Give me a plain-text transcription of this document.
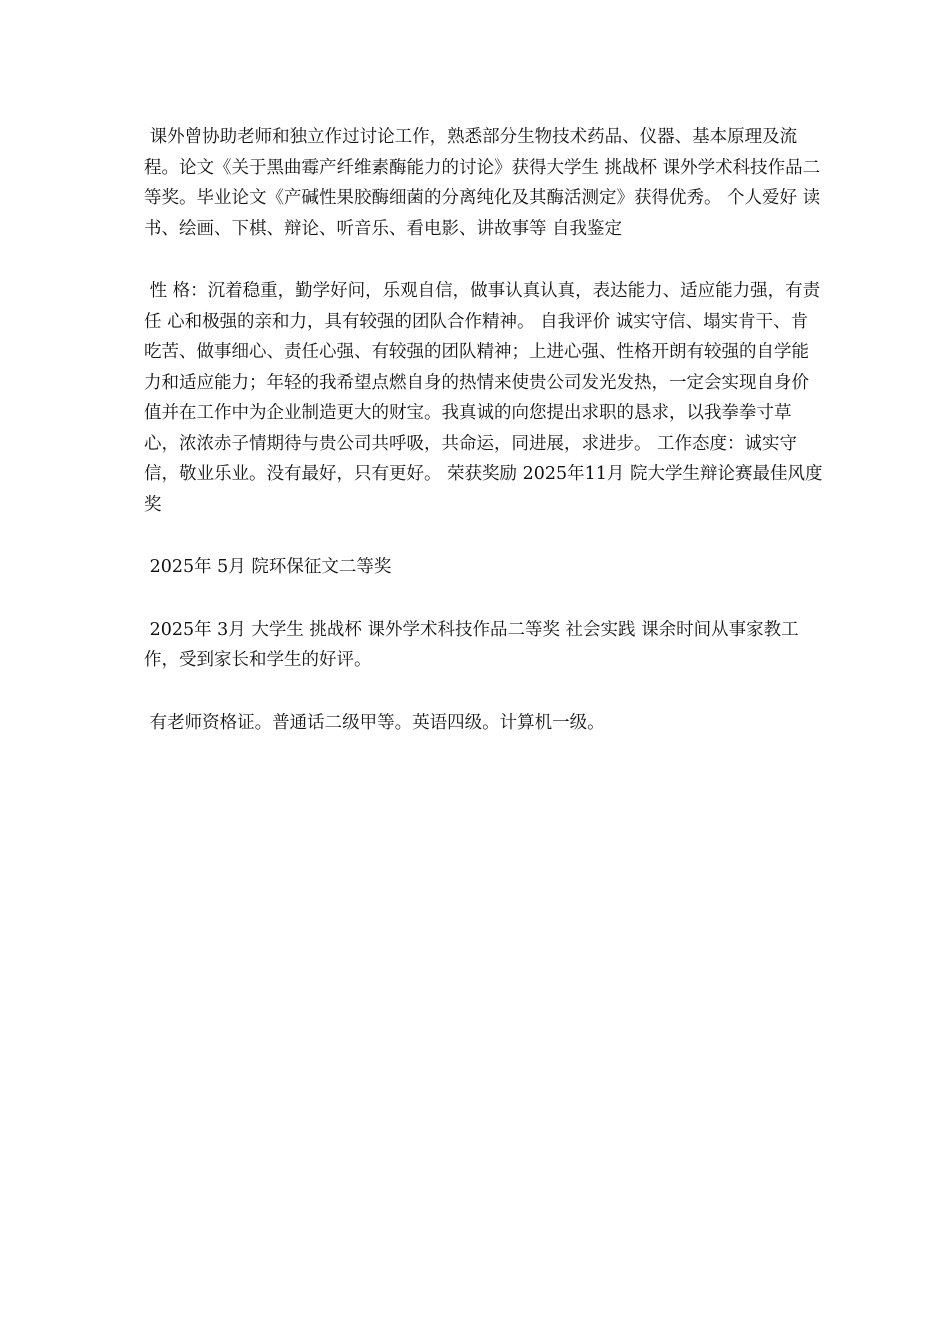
课外曾协助老师和独立作过讨论工作，熟悉部分生物技术药品、仪器、基本原理及流程。论文《关于黑曲霉产纤维素酶能力的讨论》获得大学生 挑战杯 课外学术科技作品二等奖。毕业论文《产碱性果胶酶细菌的分离纯化及其酶活测定》获得优秀。 个人爱好 读书、绘画、下棋、辩论、听音乐、看电影、讲故事等 自我鉴定

性 格：沉着稳重，勤学好问，乐观自信，做事认真认真，表达能力、适应能力强，有责任 心和极强的亲和力，具有较强的团队合作精神。 自我评价 诚实守信、塌实肯干、肯吃苦、做事细心、责任心强、有较强的团队精神；上进心强、性格开朗有较强的自学能力和适应能力；年轻的我希望点燃自身的热情来使贵公司发光发热，一定会实现自身价值并在工作中为企业制造更大的财宝。我真诚的向您提出求职的恳求，以我拳拳寸草心，浓浓赤子情期待与贵公司共呼吸，共命运，同进展，求进步。 工作态度：诚实守信，敬业乐业。没有最好，只有更好。 荣获奖励 2025年11月 院大学生辩论赛最佳风度奖

2025年 5月 院环保征文二等奖

2025年 3月 大学生 挑战杯 课外学术科技作品二等奖 社会实践 课余时间从事家教工作，受到家长和学生的好评。

有老师资格证。普通话二级甲等。英语四级。计算机一级。
